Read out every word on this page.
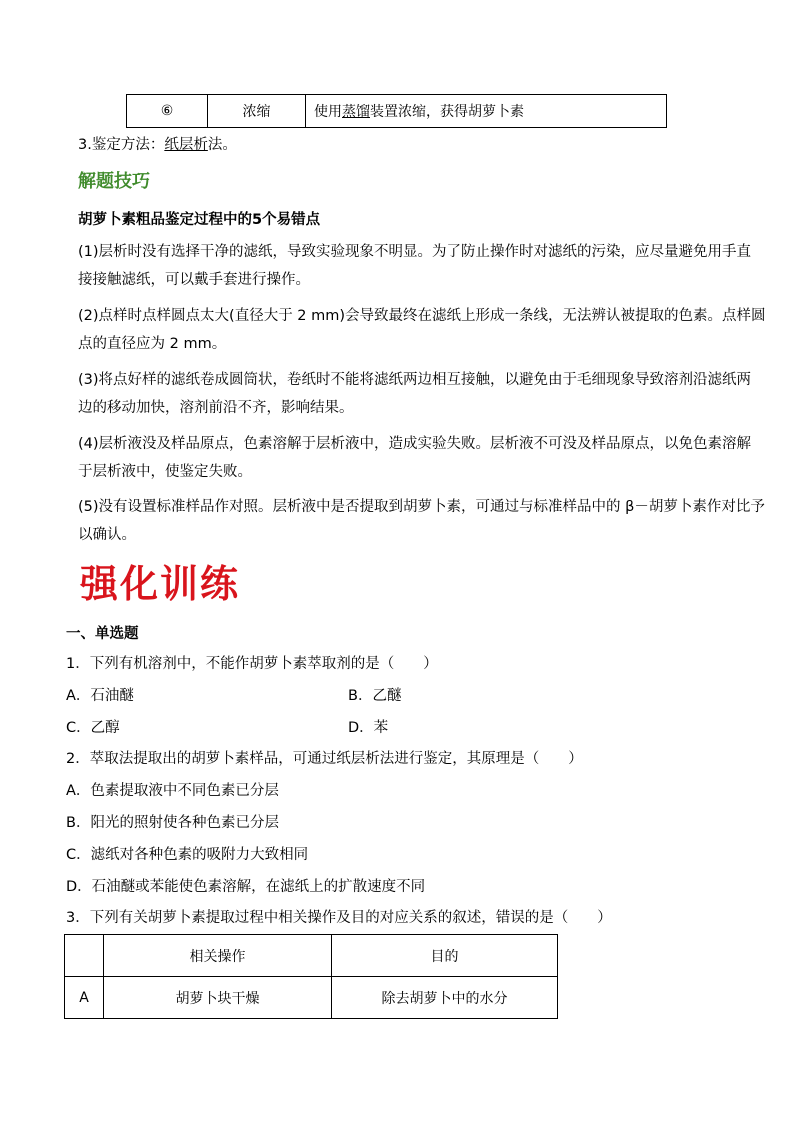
⑥	浓缩	使用蒸馏装置浓缩，获得胡萝卜素
3.鉴定方法：纸层析法。
解题技巧
胡萝卜素粗品鉴定过程中的5个易错点
(1)层析时没有选择干净的滤纸，导致实验现象不明显。为了防止操作时对滤纸的污染，应尽量避免用手直
接接触滤纸，可以戴手套进行操作。
(2)点样时点样圆点太大(直径大于 2 mm)会导致最终在滤纸上形成一条线，无法辨认被提取的色素。点样圆
点的直径应为 2 mm。
(3)将点好样的滤纸卷成圆筒状，卷纸时不能将滤纸两边相互接触，以避免由于毛细现象导致溶剂沿滤纸两
边的移动加快，溶剂前沿不齐，影响结果。
(4)层析液没及样品原点，色素溶解于层析液中，造成实验失败。层析液不可没及样品原点，以免色素溶解
于层析液中，使鉴定失败。
(5)没有设置标准样品作对照。层析液中是否提取到胡萝卜素，可通过与标准样品中的 β－胡萝卜素作对比予
以确认。
强化训练
一、单选题
1．下列有机溶剂中，不能作胡萝卜素萃取剂的是（　　）
A．石油醚	B．乙醚
C．乙醇	D．苯
2．萃取法提取出的胡萝卜素样品，可通过纸层析法进行鉴定，其原理是（　　）
A．色素提取液中不同色素已分层
B．阳光的照射使各种色素已分层
C．滤纸对各种色素的吸附力大致相同
D．石油醚或苯能使色素溶解，在滤纸上的扩散速度不同
3．下列有关胡萝卜素提取过程中相关操作及目的对应关系的叙述，错误的是（　　）
	相关操作	目的
A	胡萝卜块干燥	除去胡萝卜中的水分
